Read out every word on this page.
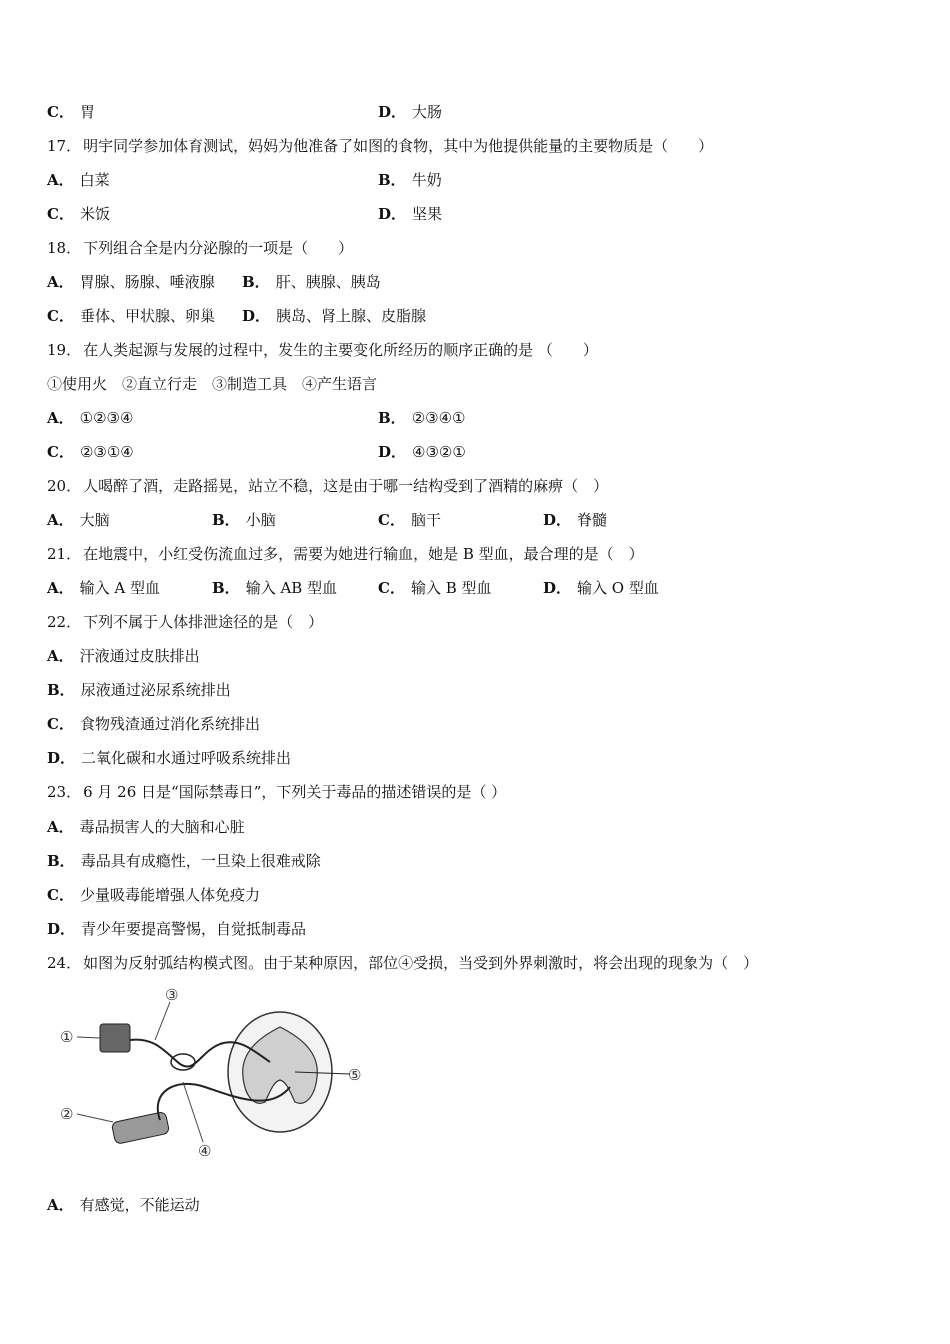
C． 胃	D． 大肠
17． 明宇同学参加体育测试，妈妈为他准备了如图的食物，其中为他提供能量的主要物质是（　　）
A． 白菜	B． 牛奶
C． 米饭	D． 坚果
18． 下列组合全是内分泌腺的一项是（　　）
A． 胃腺、肠腺、唾液腺 B． 肝、胰腺、胰岛
C． 垂体、甲状腺、卵巢 D． 胰岛、肾上腺、皮脂腺
19． 在人类起源与发展的过程中，发生的主要变化所经历的顺序正确的是 （　　）
①使用火　②直立行走　③制造工具　④产生语言
A． ①②③④	B． ②③④①
C． ②③①④	D． ④③②①
20． 人喝醉了酒，走路摇晃，站立不稳，这是由于哪一结构受到了酒精的麻痹（　）
A． 大脑	B． 小脑	C． 脑干	D． 脊髓
21． 在地震中，小红受伤流血过多，需要为她进行输血，她是 B 型血，最合理的是（　）
A． 输入 A 型血	B． 输入 AB 型血	C． 输入 B 型血	D． 输入 O 型血
22． 下列不属于人体排泄途径的是（　）
A． 汗液通过皮肤排出
B． 尿液通过泌尿系统排出
C． 食物残渣通过消化系统排出
D． 二氧化碳和水通过呼吸系统排出
23． 6 月 26 日是“国际禁毒日”，下列关于毒品的描述错误的是（ ）
A． 毒品损害人的大脑和心脏
B． 毒品具有成瘾性，一旦染上很难戒除
C． 少量吸毒能增强人体免疫力
D． 青少年要提高警惕，自觉抵制毒品
24． 如图为反射弧结构模式图。由于某种原因，部位④受损，当受到外界刺激时，将会出现的现象为（　）
①
②
③
④
⑤
A． 有感觉，不能运动
